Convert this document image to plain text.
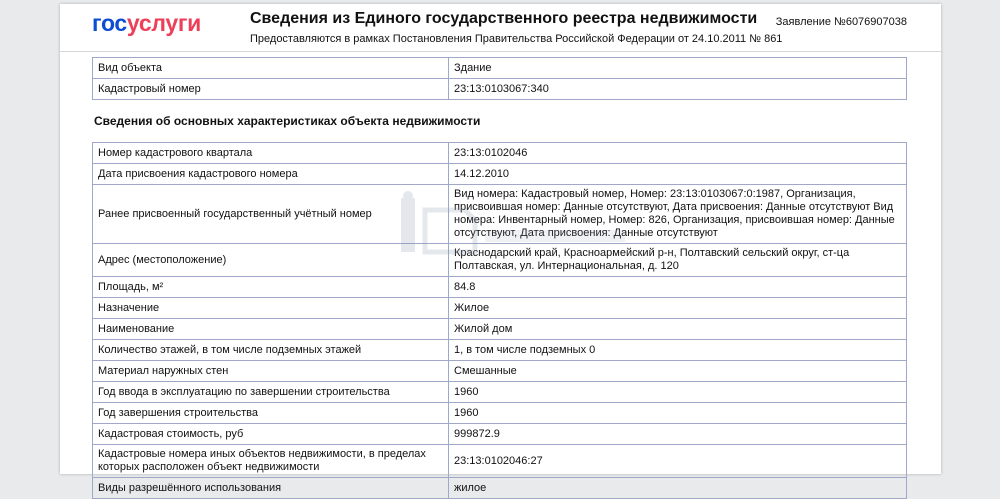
госуслуги	Сведения из Единого государственного реестра недвижимости
Предоставляются в рамках Постановления Правительства Российской Федерации от 24.10.2011 № 861
Заявление №6076907038
Вид объекта	Здание
Кадастровый номер	23:13:0103067:340
Сведения об основных характеристиках объекта недвижимости
Номер кадастрового квартала	23:13:0102046
Дата присвоения кадастрового номера	14.12.2010
Ранее присвоенный государственный учётный номер	Вид номера: Кадастровый номер, Номер: 23:13:0103067:0:1987, Организация, присвоившая номер: Данные отсутствуют, Дата присвоения: Данные отсутствуют Вид номера: Инвентарный номер, Номер: 826, Организация, присвоившая номер: Данные отсутствуют, Дата присвоения: Данные отсутствуют
Адрес (местоположение)	Краснодарский край, Красноармейский р-н, Полтавский сельский округ, ст-ца Полтавская, ул. Интернациональная, д. 120
Площадь, м²	84.8
Назначение	Жилое
Наименование	Жилой дом
Количество этажей, в том числе подземных этажей	1, в том числе подземных 0
Материал наружных стен	Смешанные
Год ввода в эксплуатацию по завершении строительства	1960
Год завершения строительства	1960
Кадастровая стоимость, руб	999872.9
Кадастровые номера иных объектов недвижимости, в пределах которых расположен объект недвижимости	23:13:0102046:27
Виды разрешённого использования	жилое
